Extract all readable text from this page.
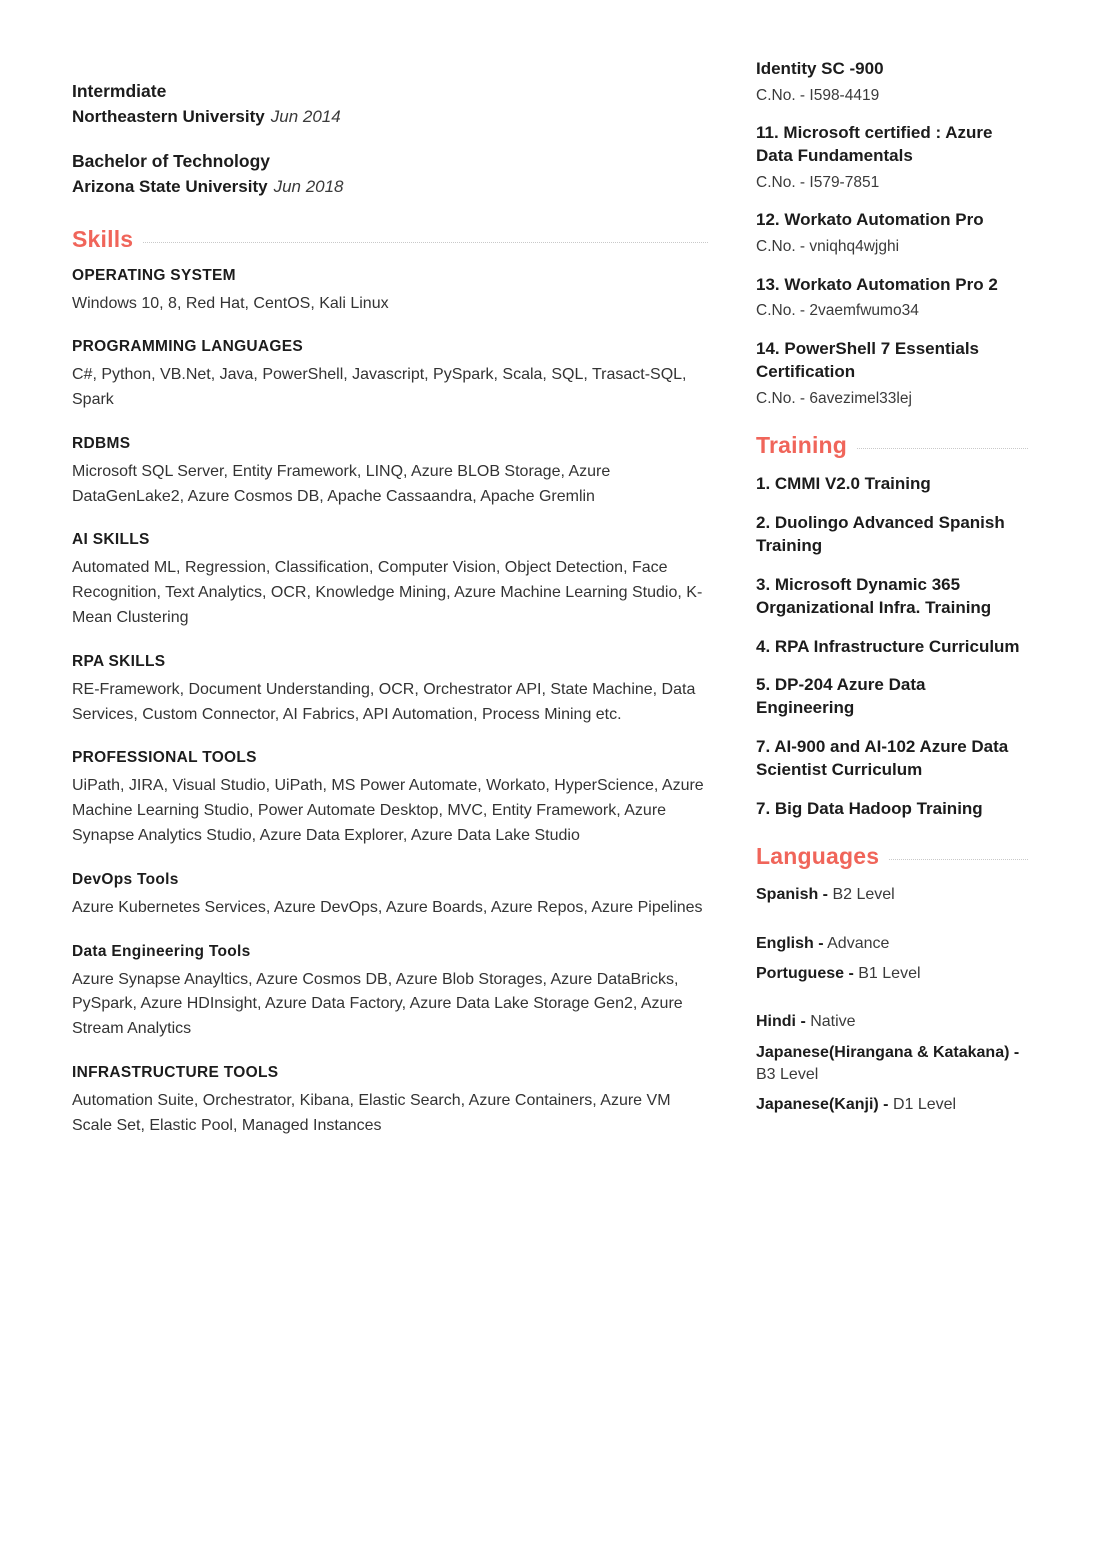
Intermdiate
Northeastern University Jun 2014
Bachelor of Technology
Arizona State University Jun 2018
Skills
OPERATING SYSTEM
Windows 10, 8, Red Hat, CentOS, Kali Linux
PROGRAMMING LANGUAGES
C#, Python, VB.Net, Java, PowerShell, Javascript, PySpark, Scala, SQL, Trasact-SQL, Spark
RDBMS
Microsoft SQL Server, Entity Framework, LINQ, Azure BLOB Storage, Azure DataGenLake2, Azure Cosmos DB, Apache Cassaandra, Apache Gremlin
AI SKILLS
Automated ML, Regression, Classification, Computer Vision, Object Detection, Face Recognition, Text Analytics, OCR, Knowledge Mining, Azure Machine Learning Studio, K-Mean Clustering
RPA SKILLS
RE-Framework, Document Understanding, OCR, Orchestrator API, State Machine, Data Services, Custom Connector, AI Fabrics, API Automation, Process Mining etc.
PROFESSIONAL TOOLS
UiPath, JIRA, Visual Studio, UiPath, MS Power Automate, Workato, HyperScience, Azure Machine Learning Studio, Power Automate Desktop, MVC, Entity Framework, Azure Synapse Analytics Studio, Azure Data Explorer, Azure Data Lake Studio
DevOps Tools
Azure Kubernetes Services, Azure DevOps, Azure Boards, Azure Repos, Azure Pipelines
Data Engineering Tools
Azure Synapse Anayltics, Azure Cosmos DB, Azure Blob Storages, Azure DataBricks, PySpark, Azure HDInsight, Azure Data Factory, Azure Data Lake Storage Gen2, Azure Stream Analytics
INFRASTRUCTURE TOOLS
Automation Suite, Orchestrator, Kibana, Elastic Search, Azure Containers, Azure VM Scale Set, Elastic Pool, Managed Instances
Identity SC -900
C.No. - I598-4419
11. Microsoft certified : Azure Data Fundamentals
C.No. - I579-7851
12. Workato Automation Pro
C.No. - vniqhq4wjghi
13. Workato Automation Pro 2
C.No. - 2vaemfwumo34
14. PowerShell 7 Essentials Certification
C.No. - 6avezimel33lej
Training
1. CMMI V2.0 Training
2. Duolingo Advanced Spanish Training
3. Microsoft Dynamic 365 Organizational Infra. Training
4. RPA Infrastructure Curriculum
5. DP-204 Azure Data Engineering
7. AI-900 and AI-102 Azure Data Scientist Curriculum
7. Big Data Hadoop Training
Languages
Spanish - B2 Level
English - Advance
Portuguese - B1 Level
Hindi - Native
Japanese(Hirangana & Katakana) - B3 Level
Japanese(Kanji) - D1 Level
